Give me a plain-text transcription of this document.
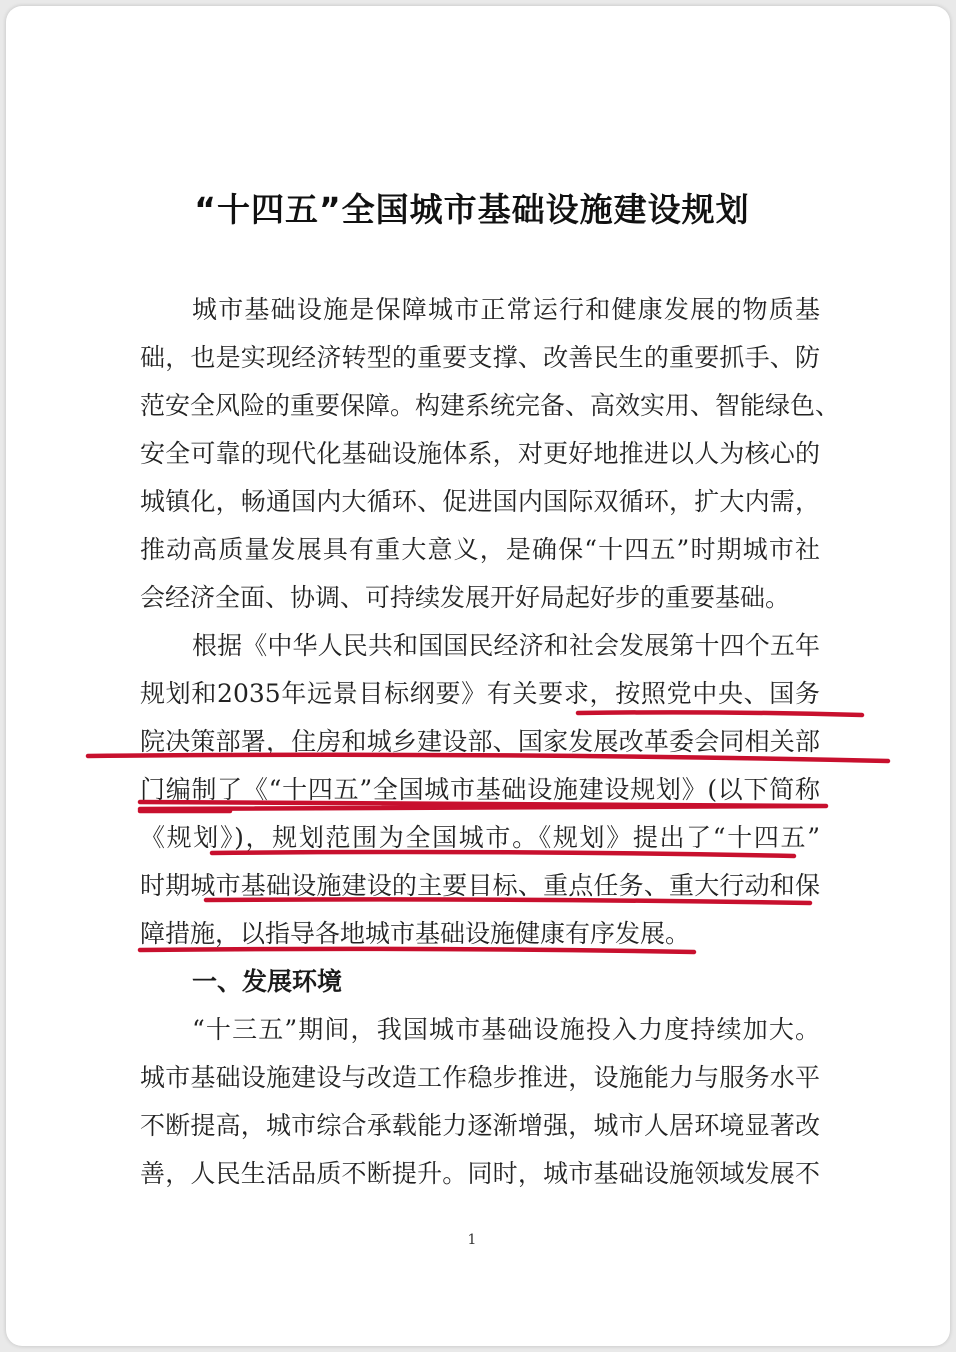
“十四五”全国城市基础设施建设规划
城市基础设施是保障城市正常运行和健康发展的物质基
础，也是实现经济转型的重要支撑、改善民生的重要抓手、防
范安全风险的重要保障。构建系统完备、高效实用、智能绿色、
安全可靠的现代化基础设施体系，对更好地推进以人为核心的
城镇化，畅通国内大循环、促进国内国际双循环，扩大内需，
推动高质量发展具有重大意义，是确保“十四五”时期城市社
会经济全面、协调、可持续发展开好局起好步的重要基础。
根据《中华人民共和国国民经济和社会发展第十四个五年
规划和2035年远景目标纲要》有关要求，按照党中央、国务
院决策部署，住房和城乡建设部、国家发展改革委会同相关部
门编制了《“十四五”全国城市基础设施建设规划》(以下简称
《规划》)，规划范围为全国城市。《规划》提出了“十四五”
时期城市基础设施建设的主要目标、重点任务、重大行动和保
障措施，以指导各地城市基础设施健康有序发展。
一、发展环境
“十三五”期间，我国城市基础设施投入力度持续加大。
城市基础设施建设与改造工作稳步推进，设施能力与服务水平
不断提高，城市综合承载能力逐渐增强，城市人居环境显著改
善，人民生活品质不断提升。同时，城市基础设施领域发展不
1
